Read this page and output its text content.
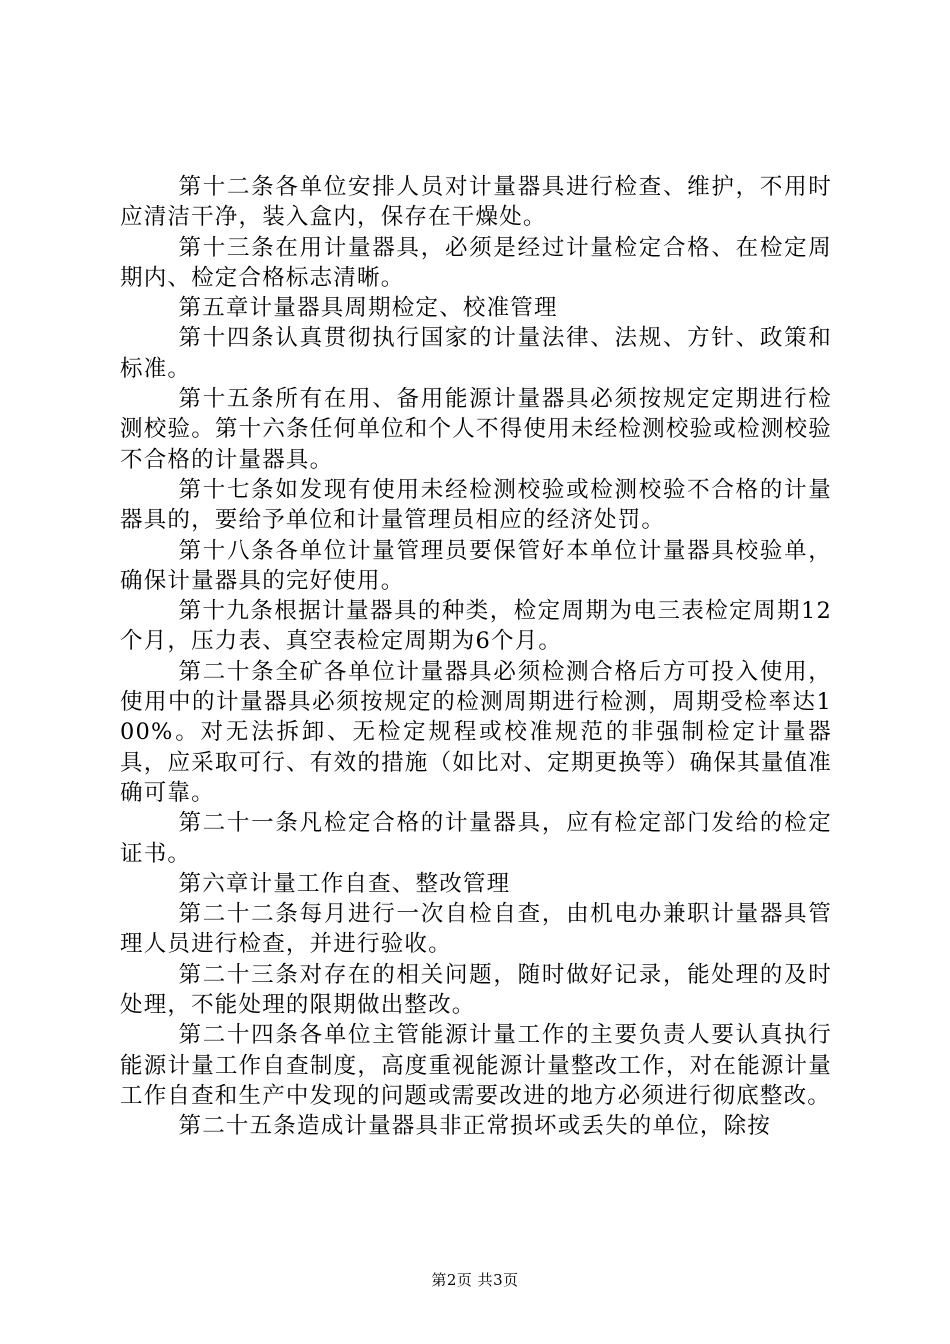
第十二条各单位安排人员对计量器具进行检查、维护，不用时应清洁干净，装入盒内，保存在干燥处。

第十三条在用计量器具，必须是经过计量检定合格、在检定周期内、检定合格标志清晰。

第五章计量器具周期检定、校准管理

第十四条认真贯彻执行国家的计量法律、法规、方针、政策和标准。

第十五条所有在用、备用能源计量器具必须按规定定期进行检测校验。第十六条任何单位和个人不得使用未经检测校验或检测校验不合格的计量器具。

第十七条如发现有使用未经检测校验或检测校验不合格的计量器具的，要给予单位和计量管理员相应的经济处罚。

第十八条各单位计量管理员要保管好本单位计量器具校验单，确保计量器具的完好使用。

第十九条根据计量器具的种类，检定周期为电三表检定周期12个月，压力表、真空表检定周期为6个月。

第二十条全矿各单位计量器具必须检测合格后方可投入使用，使用中的计量器具必须按规定的检测周期进行检测，周期受检率达100%。对无法拆卸、无检定规程或校准规范的非强制检定计量器具，应采取可行、有效的措施（如比对、定期更换等）确保其量值准确可靠。

第二十一条凡检定合格的计量器具，应有检定部门发给的检定证书。

第六章计量工作自查、整改管理

第二十二条每月进行一次自检自查，由机电办兼职计量器具管理人员进行检查，并进行验收。

第二十三条对存在的相关问题，随时做好记录，能处理的及时处理，不能处理的限期做出整改。

第二十四条各单位主管能源计量工作的主要负责人要认真执行能源计量工作自查制度，高度重视能源计量整改工作，对在能源计量工作自查和生产中发现的问题或需要改进的地方必须进行彻底整改。

第二十五条造成计量器具非正常损坏或丢失的单位，除按

第2页 共3页
